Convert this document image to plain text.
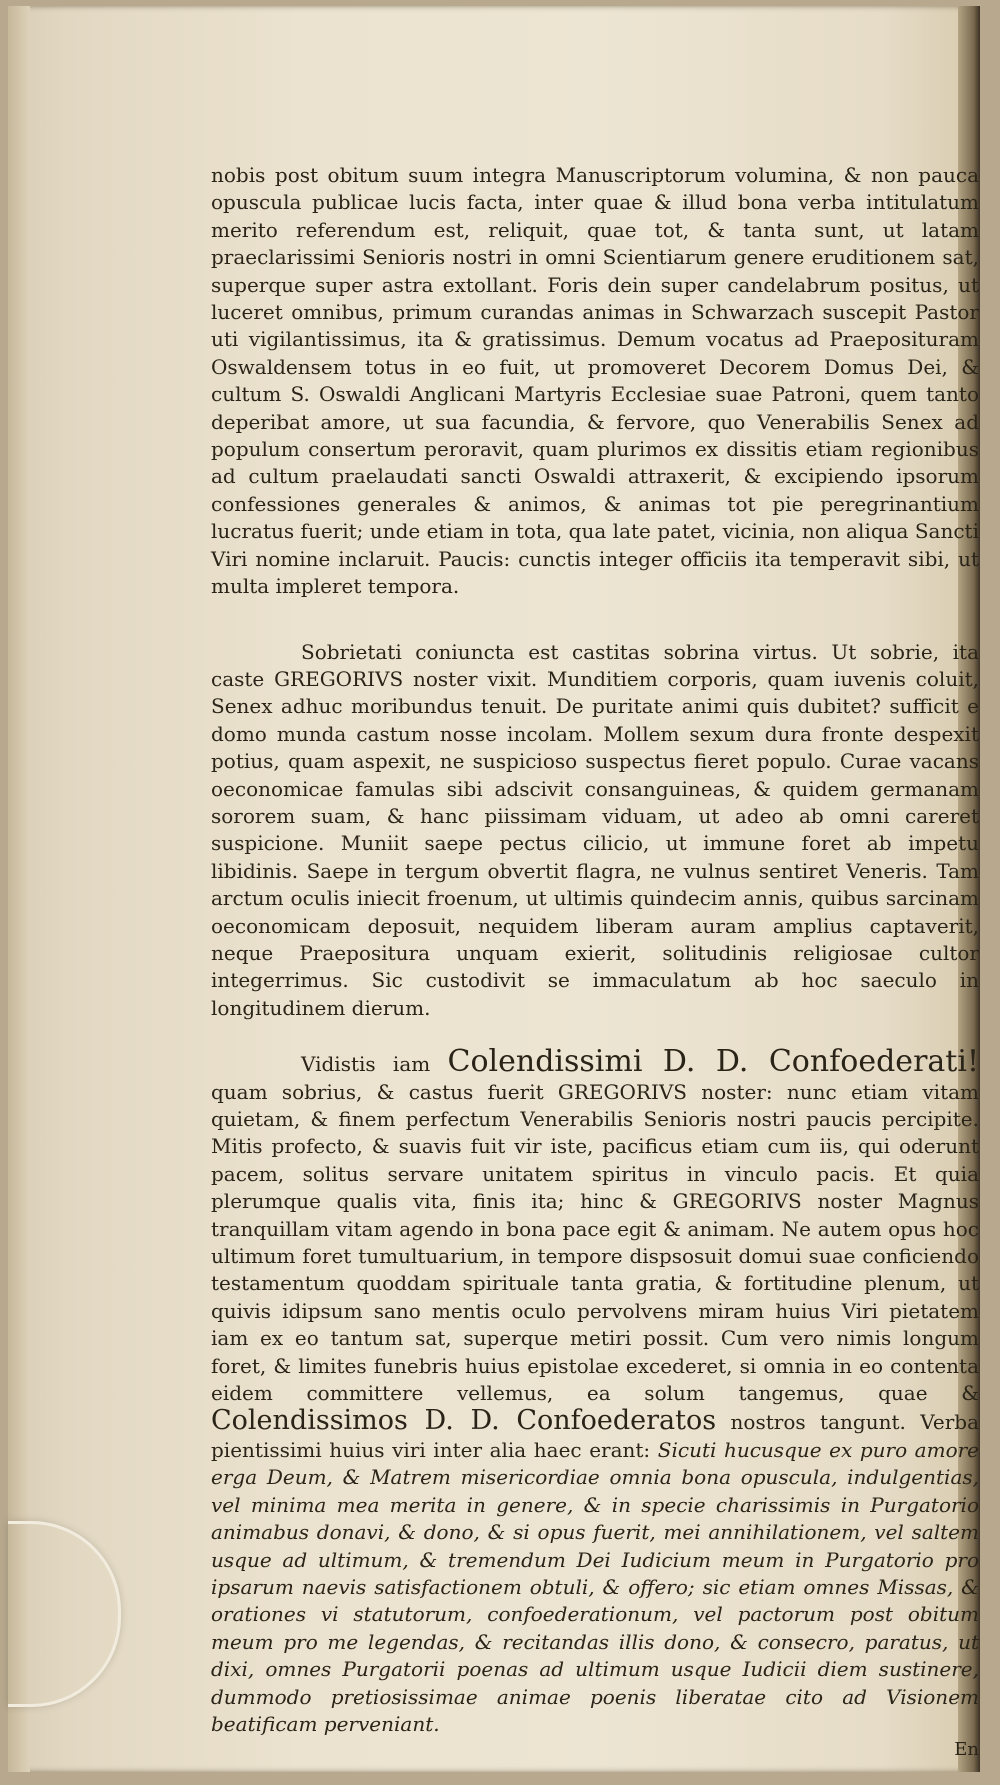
nobis post obitum suum integra Manuscriptorum volumina, & non pauca opuscula publicae lucis facta, inter quae & illud bona verba intitulatum merito referendum est, reliquit, quae tot, & tanta sunt, ut latam praeclarissimi Senioris nostri in omni Scientiarum genere eruditionem sat, superque super astra extollant. Foris dein super candelabrum positus, ut luceret omnibus, primum curandas animas in Schwarzach suscepit Pastor uti vigilantissimus, ita & gratissimus. Demum vocatus ad Praeposituram Oswaldensem totus in eo fuit, ut promoveret Decorem Domus Dei, & cultum S. Oswaldi Anglicani Martyris Ecclesiae suae Patroni, quem tanto deperibat amore, ut sua facundia, & fervore, quo Venerabilis Senex ad populum consertum peroravit, quam plurimos ex dissitis etiam regionibus ad cultum praelaudati sancti Oswaldi attraxerit, & excipiendo ipsorum confessiones generales & animos, & animas tot pie peregrinantium lucratus fuerit; unde etiam in tota, qua late patet, vicinia, non aliqua Sancti Viri nomine inclaruit. Paucis: cunctis integer officiis ita temperavit sibi, ut multa impleret tempora.

Sobrietati coniuncta est castitas sobrina virtus. Ut sobrie, ita caste GREGORIVS noster vixit. Munditiem corporis, quam iuvenis coluit, Senex adhuc moribundus tenuit. De puritate animi quis dubitet? sufficit e domo munda castum nosse incolam. Mollem sexum dura fronte despexit potius, quam aspexit, ne suspicioso suspectus fieret populo. Curae vacans oeconomicae famulas sibi adscivit consanguineas, & quidem germanam sororem suam, & hanc piissimam viduam, ut adeo ab omni careret suspicione. Muniit saepe pectus cilicio, ut immune foret ab impetu libidinis. Saepe in tergum obvertit flagra, ne vulnus sentiret Veneris. Tam arctum oculis iniecit froenum, ut ultimis quindecim annis, quibus sarcinam oeconomicam deposuit, nequidem liberam auram amplius captaverit, neque Praepositura unquam exierit, solitudinis religiosae cultor integerrimus. Sic custodivit se immaculatum ab hoc saeculo in longitudinem dierum.

Vidistis iam Colendissimi D. D. Confoederati! quam sobrius, & castus fuerit GREGORIVS noster: nunc etiam vitam quietam, & finem perfectum Venerabilis Senioris nostri paucis percipite. Mitis profecto, & suavis fuit vir iste, pacificus etiam cum iis, qui oderunt pacem, solitus servare unitatem spiritus in vinculo pacis. Et quia plerumque qualis vita, finis ita; hinc & GREGORIVS noster Magnus tranquillam vitam agendo in bona pace egit & animam. Ne autem opus hoc ultimum foret tumultuarium, in tempore dispsosuit domui suae conficiendo testamentum quoddam spirituale tanta gratia, & fortitudine plenum, ut quivis idipsum sano mentis oculo pervolvens miram huius Viri pietatem iam ex eo tantum sat, superque metiri possit. Cum vero nimis longum foret, & limites funebris huius epistolae excederet, si omnia in eo contenta eidem committere vellemus, ea solum tangemus, quae & Colendissimos D. D. Confoederatos nostros tangunt. Verba pientissimi huius viri inter alia haec erant: Sicuti hucusque ex puro amore erga Deum, & Matrem misericordiae omnia bona opuscula, indulgentias, vel minima mea merita in genere, & in specie charissimis in Purgatorio animabus donavi, & dono, & si opus fuerit, mei annihilationem, vel saltem usque ad ultimum, & tremendum Dei Iudicium meum in Purgatorio pro ipsarum naevis satisfactionem obtuli, & offero; sic etiam omnes Missas, & orationes vi statutorum, confoederationum, vel pactorum post obitum meum pro me legendas, & recitandas illis dono, & consecro, paratus, ut dixi, omnes Purgatorii poenas ad ultimum usque Iudicii diem sustinere, dummodo pretiosissimae animae poenis liberatae cito ad Visionem beatificam perveniant.

En
